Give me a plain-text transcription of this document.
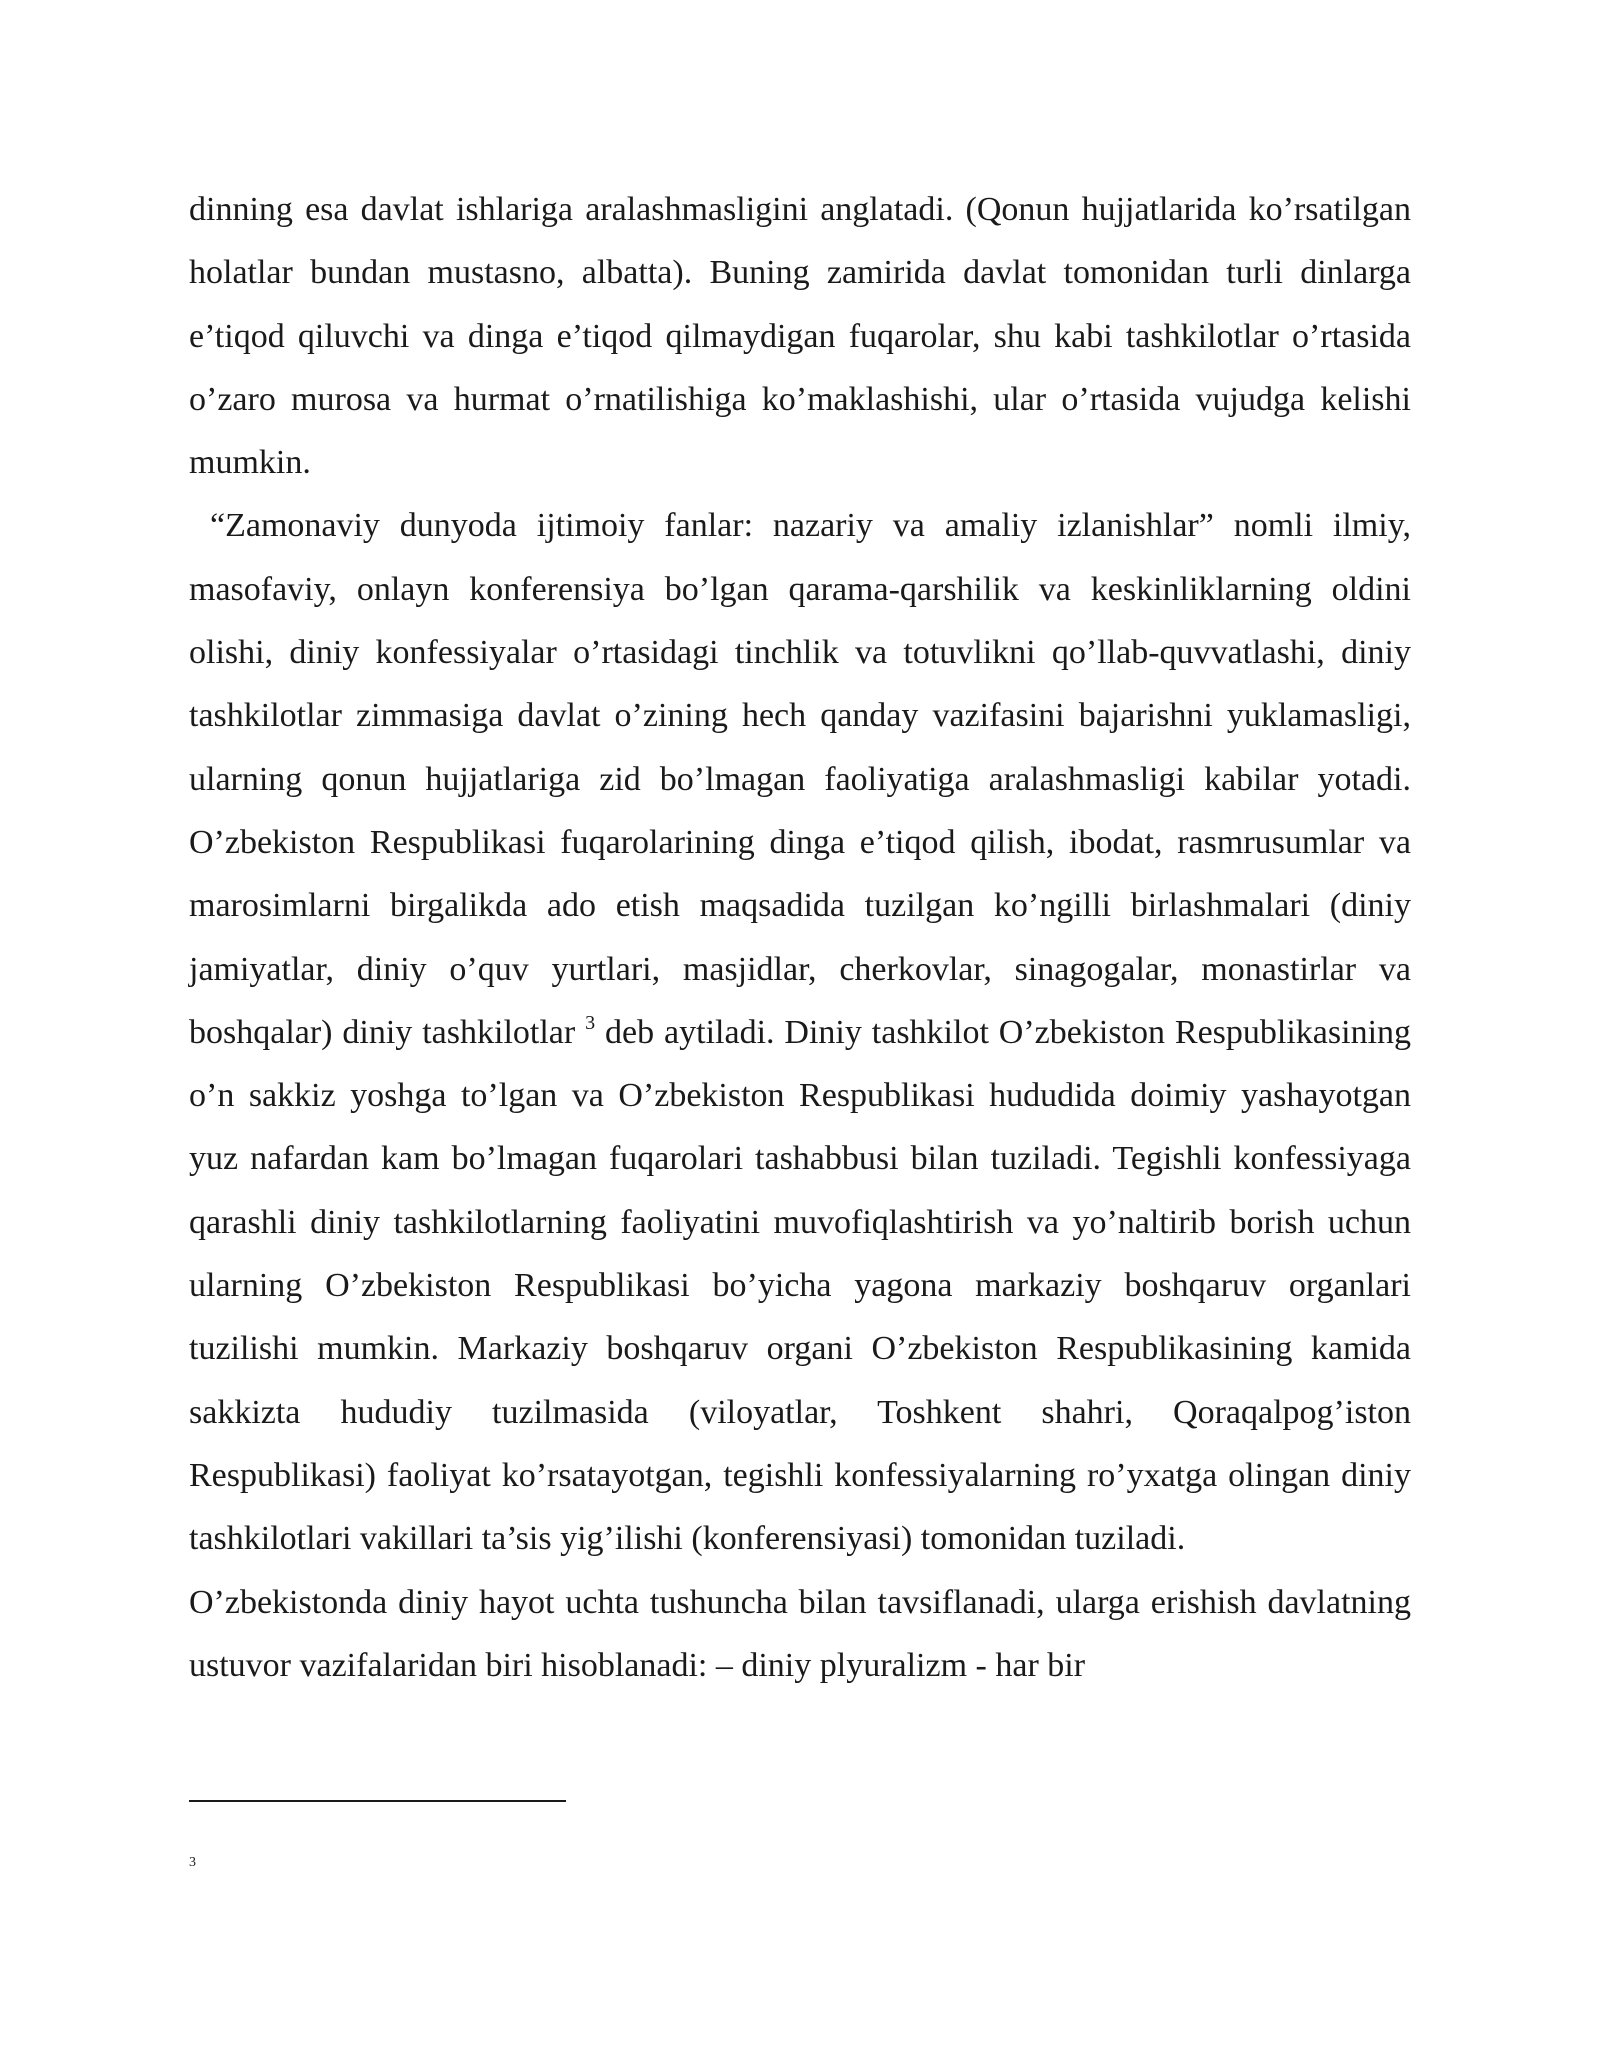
dinning esa davlat ishlariga aralashmasligini anglatadi. (Qonun hujjatlarida ko’rsatilgan holatlar bundan mustasno, albatta). Buning zamirida davlat tomonidan turli dinlarga e’tiqod qiluvchi va dinga e’tiqod qilmaydigan fuqarolar, shu kabi tashkilotlar o’rtasida o’zaro murosa va hurmat o’rnatilishiga ko’maklashishi, ular o’rtasida vujudga kelishi mumkin.

“Zamonaviy dunyoda ijtimoiy fanlar: nazariy va amaliy izlanishlar” nomli ilmiy, masofaviy, onlayn konferensiya bo’lgan qarama-qarshilik va keskinliklarning oldini olishi, diniy konfessiyalar o’rtasidagi tinchlik va totuvlikni qo’llab-quvvatlashi, diniy tashkilotlar zimmasiga davlat o’zining hech qanday vazifasini bajarishni yuklamasligi, ularning qonun hujjatlariga zid bo’lmagan faoliyatiga aralashmasligi kabilar yotadi. O’zbekiston Respublikasi fuqarolarining dinga e’tiqod qilish, ibodat, rasmrusumlar va marosimlarni birgalikda ado etish maqsadida tuzilgan ko’ngilli birlashmalari (diniy jamiyatlar, diniy o’quv yurtlari, masjidlar, cherkovlar, sinagogalar, monastirlar va boshqalar) diniy tashkilotlar $^3$ deb aytiladi. Diniy tashkilot O’zbekiston Respublikasining o’n sakkiz yoshga to’lgan va O’zbekiston Respublikasi hududida doimiy yashayotgan yuz nafardan kam bo’lmagan fuqarolari tashabbusi bilan tuziladi. Tegishli konfessiyaga qarashli diniy tashkilotlarning faoliyatini muvofiqlashtirish va yo’naltirib borish uchun ularning O’zbekiston Respublikasi bo’yicha yagona markaziy boshqaruv organlari tuzilishi mumkin. Markaziy boshqaruv organi O’zbekiston Respublikasining kamida sakkizta hududiy tuzilmasida (viloyatlar, Toshkent shahri, Qoraqalpog’iston Respublikasi) faoliyat ko’rsatayotgan, tegishli konfessiyalarning ro’yxatga olingan diniy tashkilotlari vakillari ta’sis yig’ilishi (konferensiyasi) tomonidan tuziladi.

O’zbekistonda diniy hayot uchta tushuncha bilan tavsiflanadi, ularga erishish davlatning ustuvor vazifalaridan biri hisoblanadi: – diniy plyuralizm - har bir

3
